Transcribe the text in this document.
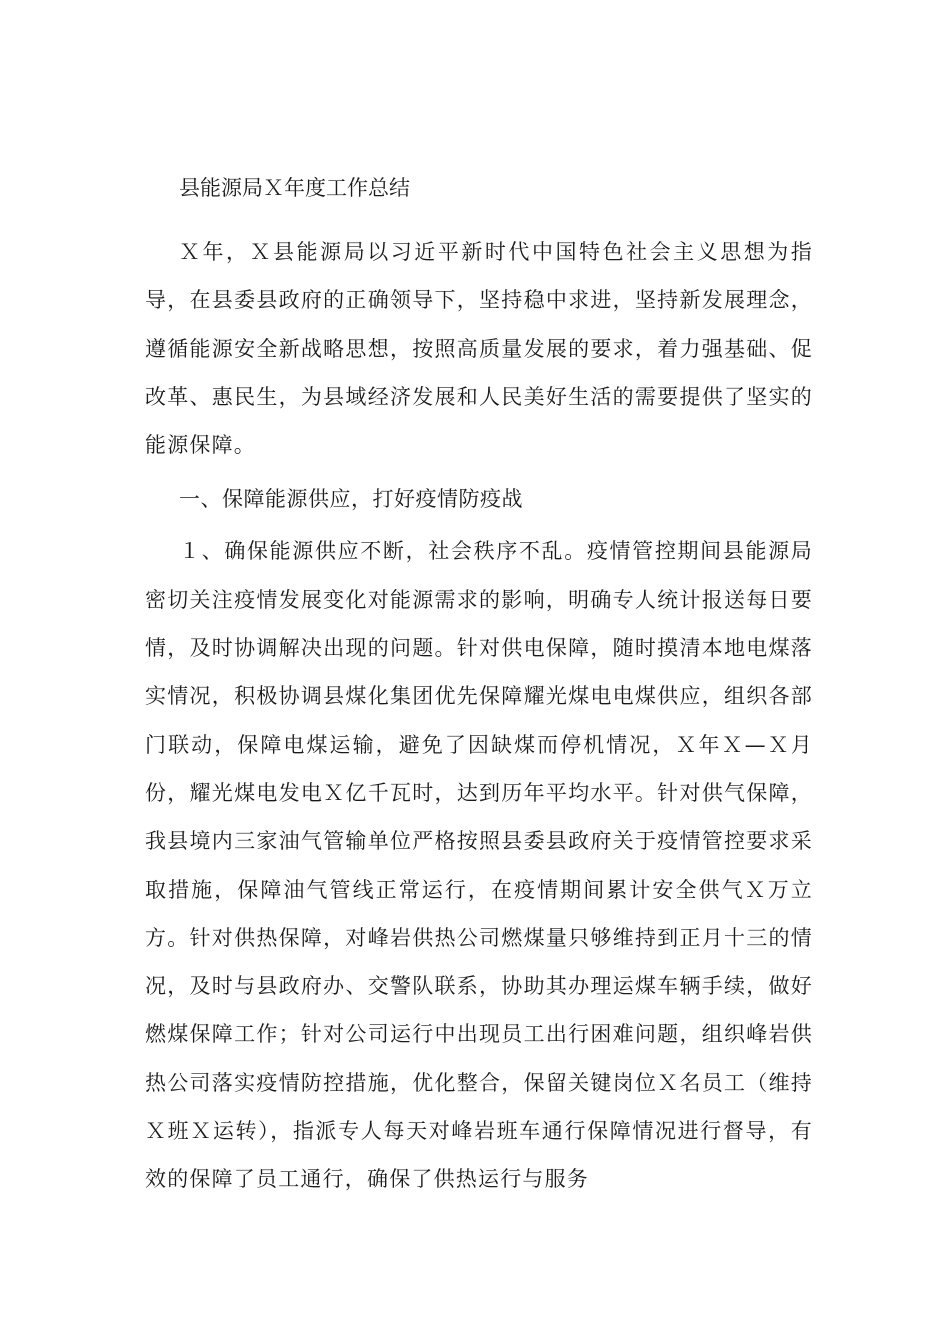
县能源局Ｘ年度工作总结

Ｘ年，Ｘ县能源局以习近平新时代中国特色社会主义思想为指导，在县委县政府的正确领导下，坚持稳中求进，坚持新发展理念，遵循能源安全新战略思想，按照高质量发展的要求，着力强基础、促改革、惠民生，为县域经济发展和人民美好生活的需要提供了坚实的能源保障。

一、保障能源供应，打好疫情防疫战

１、确保能源供应不断，社会秩序不乱。疫情管控期间县能源局密切关注疫情发展变化对能源需求的影响，明确专人统计报送每日要情，及时协调解决出现的问题。针对供电保障，随时摸清本地电煤落实情况，积极协调县煤化集团优先保障耀光煤电电煤供应，组织各部门联动，保障电煤运输，避免了因缺煤而停机情况，Ｘ年Ｘ—Ｘ月份，耀光煤电发电Ｘ亿千瓦时，达到历年平均水平。针对供气保障，我县境内三家油气管输单位严格按照县委县政府关于疫情管控要求采取措施，保障油气管线正常运行，在疫情期间累计安全供气Ｘ万立方。针对供热保障，对峰岩供热公司燃煤量只够维持到正月十三的情况，及时与县政府办、交警队联系，协助其办理运煤车辆手续，做好燃煤保障工作；针对公司运行中出现员工出行困难问题，组织峰岩供热公司落实疫情防控措施，优化整合，保留关键岗位Ｘ名员工（维持Ｘ班Ｘ运转），指派专人每天对峰岩班车通行保障情况进行督导，有效的保障了员工通行，确保了供热运行与服务
